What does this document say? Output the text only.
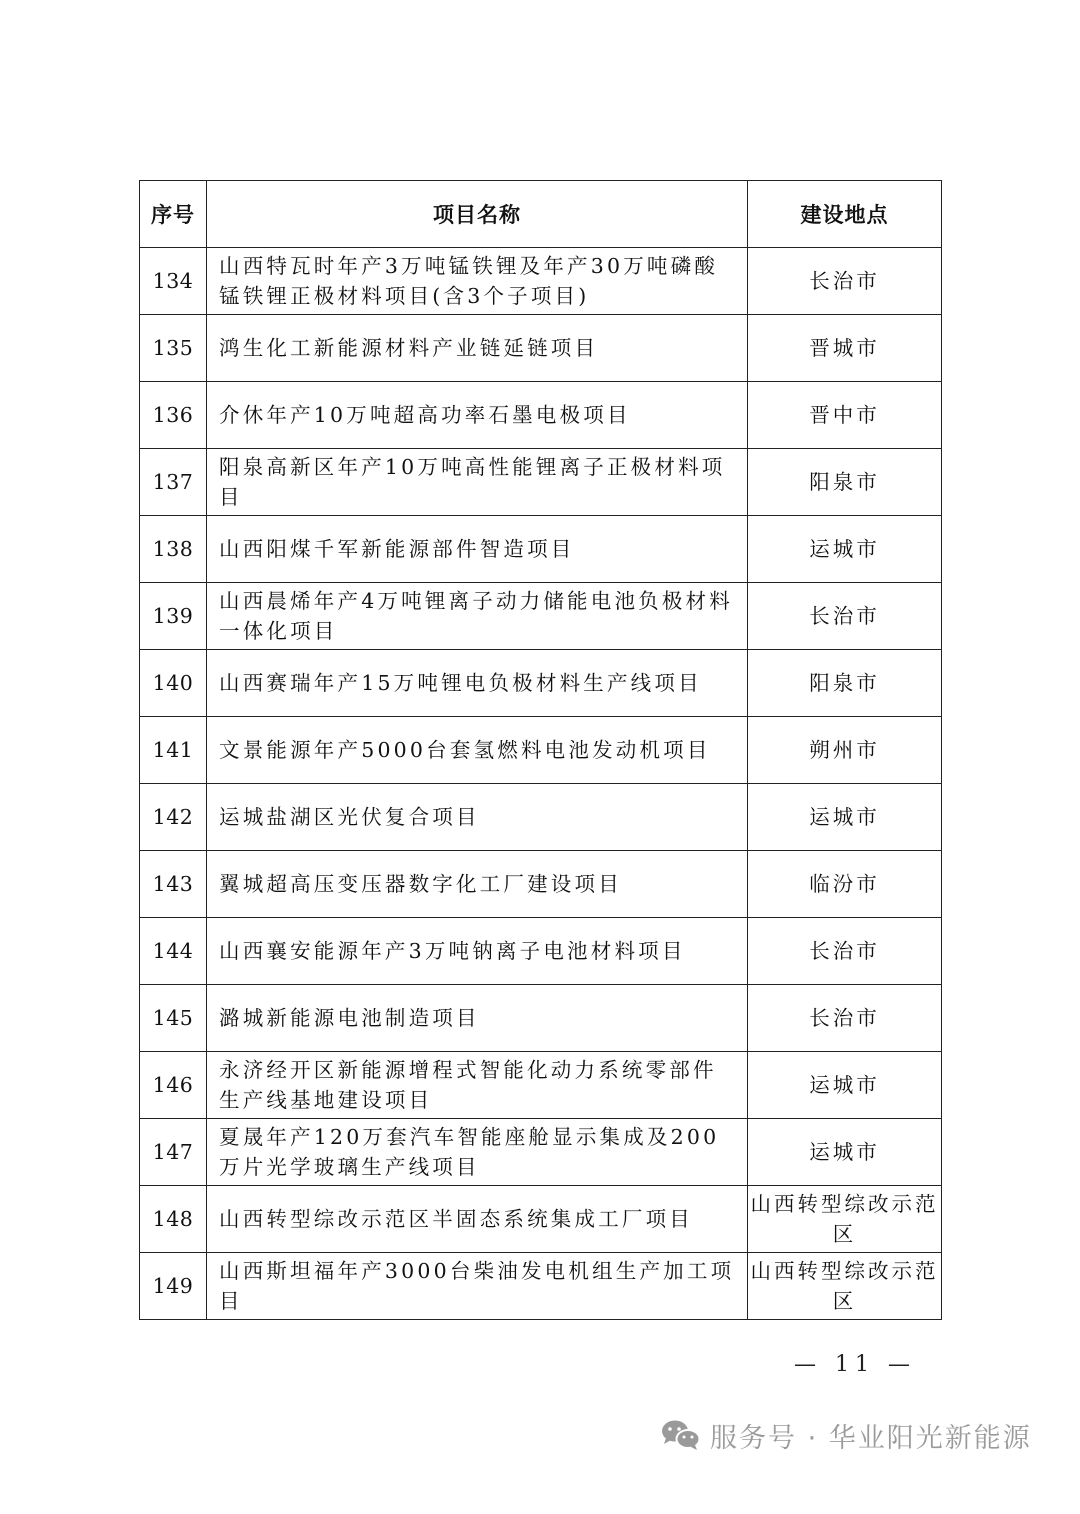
序号	项目名称	建设地点
134	山西特瓦时年产3万吨锰铁锂及年产30万吨磷酸锰铁锂正极材料项目(含3个子项目)	长治市
135	鸿生化工新能源材料产业链延链项目	晋城市
136	介休年产10万吨超高功率石墨电极项目	晋中市
137	阳泉高新区年产10万吨高性能锂离子正极材料项目	阳泉市
138	山西阳煤千军新能源部件智造项目	运城市
139	山西晨烯年产4万吨锂离子动力储能电池负极材料一体化项目	长治市
140	山西赛瑞年产15万吨锂电负极材料生产线项目	阳泉市
141	文景能源年产5000台套氢燃料电池发动机项目	朔州市
142	运城盐湖区光伏复合项目	运城市
143	翼城超高压变压器数字化工厂建设项目	临汾市
144	山西襄安能源年产3万吨钠离子电池材料项目	长治市
145	潞城新能源电池制造项目	长治市
146	永济经开区新能源增程式智能化动力系统零部件生产线基地建设项目	运城市
147	夏晟年产120万套汽车智能座舱显示集成及200万片光学玻璃生产线项目	运城市
148	山西转型综改示范区半固态系统集成工厂项目	山西转型综改示范区
149	山西斯坦福年产3000台柴油发电机组生产加工项目	山西转型综改示范区
— 11 —
服务号 · 华业阳光新能源
